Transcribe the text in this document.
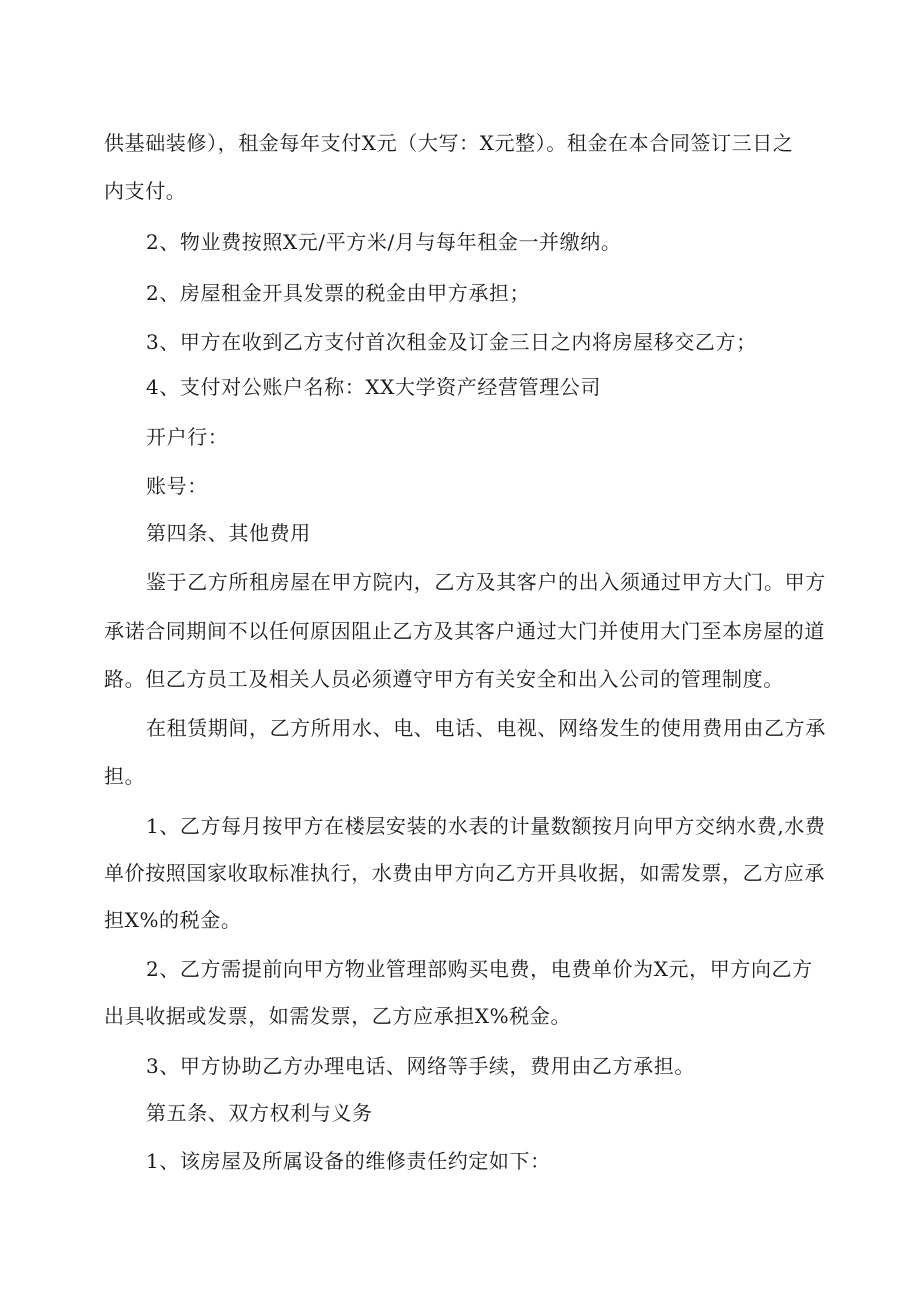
供基础装修），租金每年支付X元（大写：X元整）。租金在本合同签订三日之
内支付。
2、物业费按照X元/平方米/月与每年租金一并缴纳。
2、房屋租金开具发票的税金由甲方承担；
3、甲方在收到乙方支付首次租金及订金三日之内将房屋移交乙方；
4、支付对公账户名称：XX大学资产经营管理公司
开户行：
账号：
第四条、其他费用
鉴于乙方所租房屋在甲方院内，乙方及其客户的出入须通过甲方大门。甲方
承诺合同期间不以任何原因阻止乙方及其客户通过大门并使用大门至本房屋的道
路。但乙方员工及相关人员必须遵守甲方有关安全和出入公司的管理制度。
在租赁期间，乙方所用水、电、电话、电视、网络发生的使用费用由乙方承
担。
1、乙方每月按甲方在楼层安装的水表的计量数额按月向甲方交纳水费,水费
单价按照国家收取标准执行，水费由甲方向乙方开具收据，如需发票，乙方应承
担X%的税金。
2、乙方需提前向甲方物业管理部购买电费，电费单价为X元，甲方向乙方
出具收据或发票，如需发票，乙方应承担X%税金。
3、甲方协助乙方办理电话、网络等手续，费用由乙方承担。
第五条、双方权利与义务
1、该房屋及所属设备的维修责任约定如下：
